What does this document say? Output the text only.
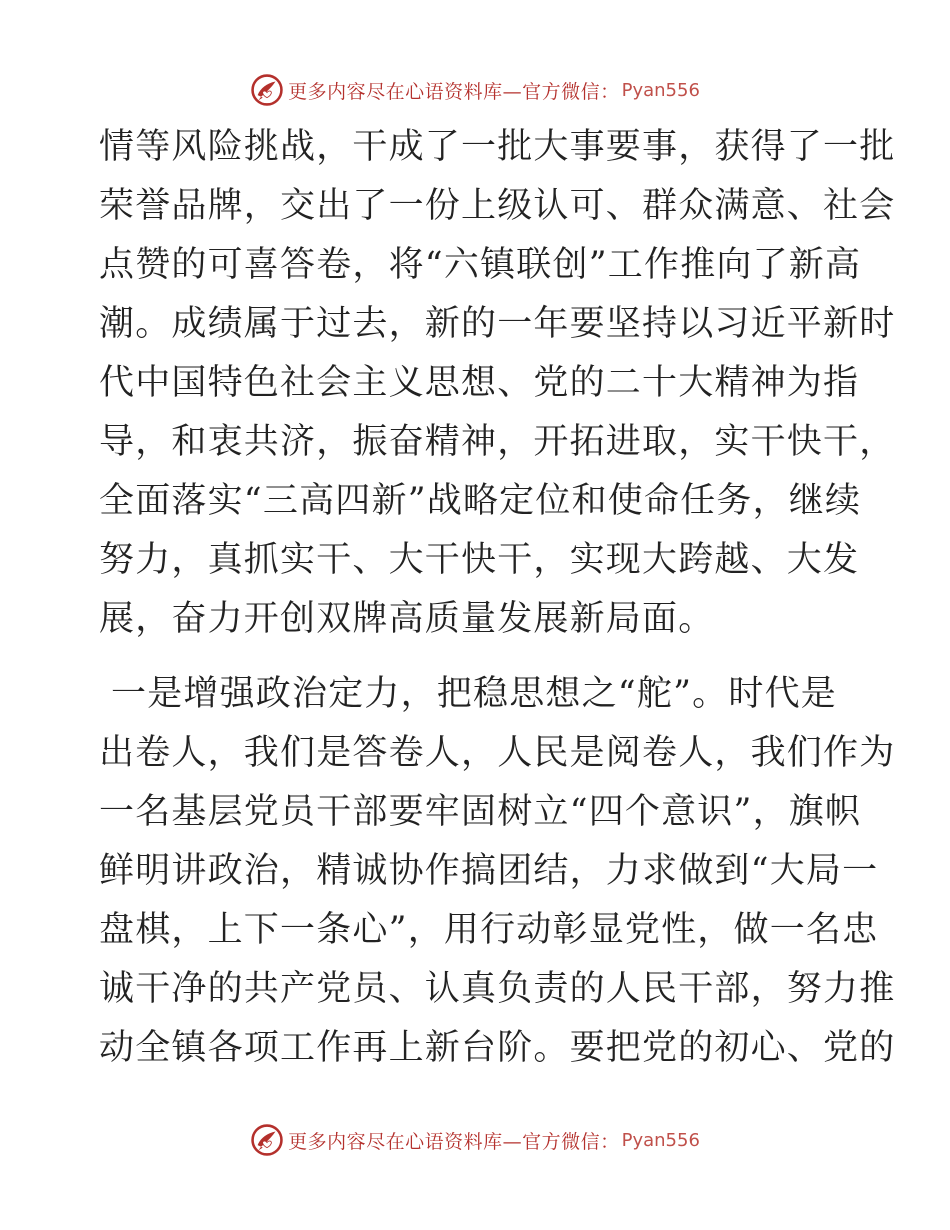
更多内容尽在心语资料库—官方微信： Pyan556
情等风险挑战，干成了一批大事要事，获得了一批
荣誉品牌，交出了一份上级认可、群众满意、社会
点赞的可喜答卷，将“六镇联创”工作推向了新高
潮。成绩属于过去，新的一年要坚持以习近平新时
代中国特色社会主义思想、党的二十大精神为指
导，和衷共济，振奋精神，开拓进取，实干快干，
全面落实“三高四新”战略定位和使命任务，继续
努力，真抓实干、大干快干，实现大跨越、大发
展，奋力开创双牌高质量发展新局面。
一是增强政治定力，把稳思想之“舵”。时代是
出卷人，我们是答卷人，人民是阅卷人，我们作为
一名基层党员干部要牢固树立“四个意识”，旗帜
鲜明讲政治，精诚协作搞团结，力求做到“大局一
盘棋，上下一条心”，用行动彰显党性，做一名忠
诚干净的共产党员、认真负责的人民干部，努力推
动全镇各项工作再上新台阶。要把党的初心、党的
更多内容尽在心语资料库—官方微信： Pyan556
